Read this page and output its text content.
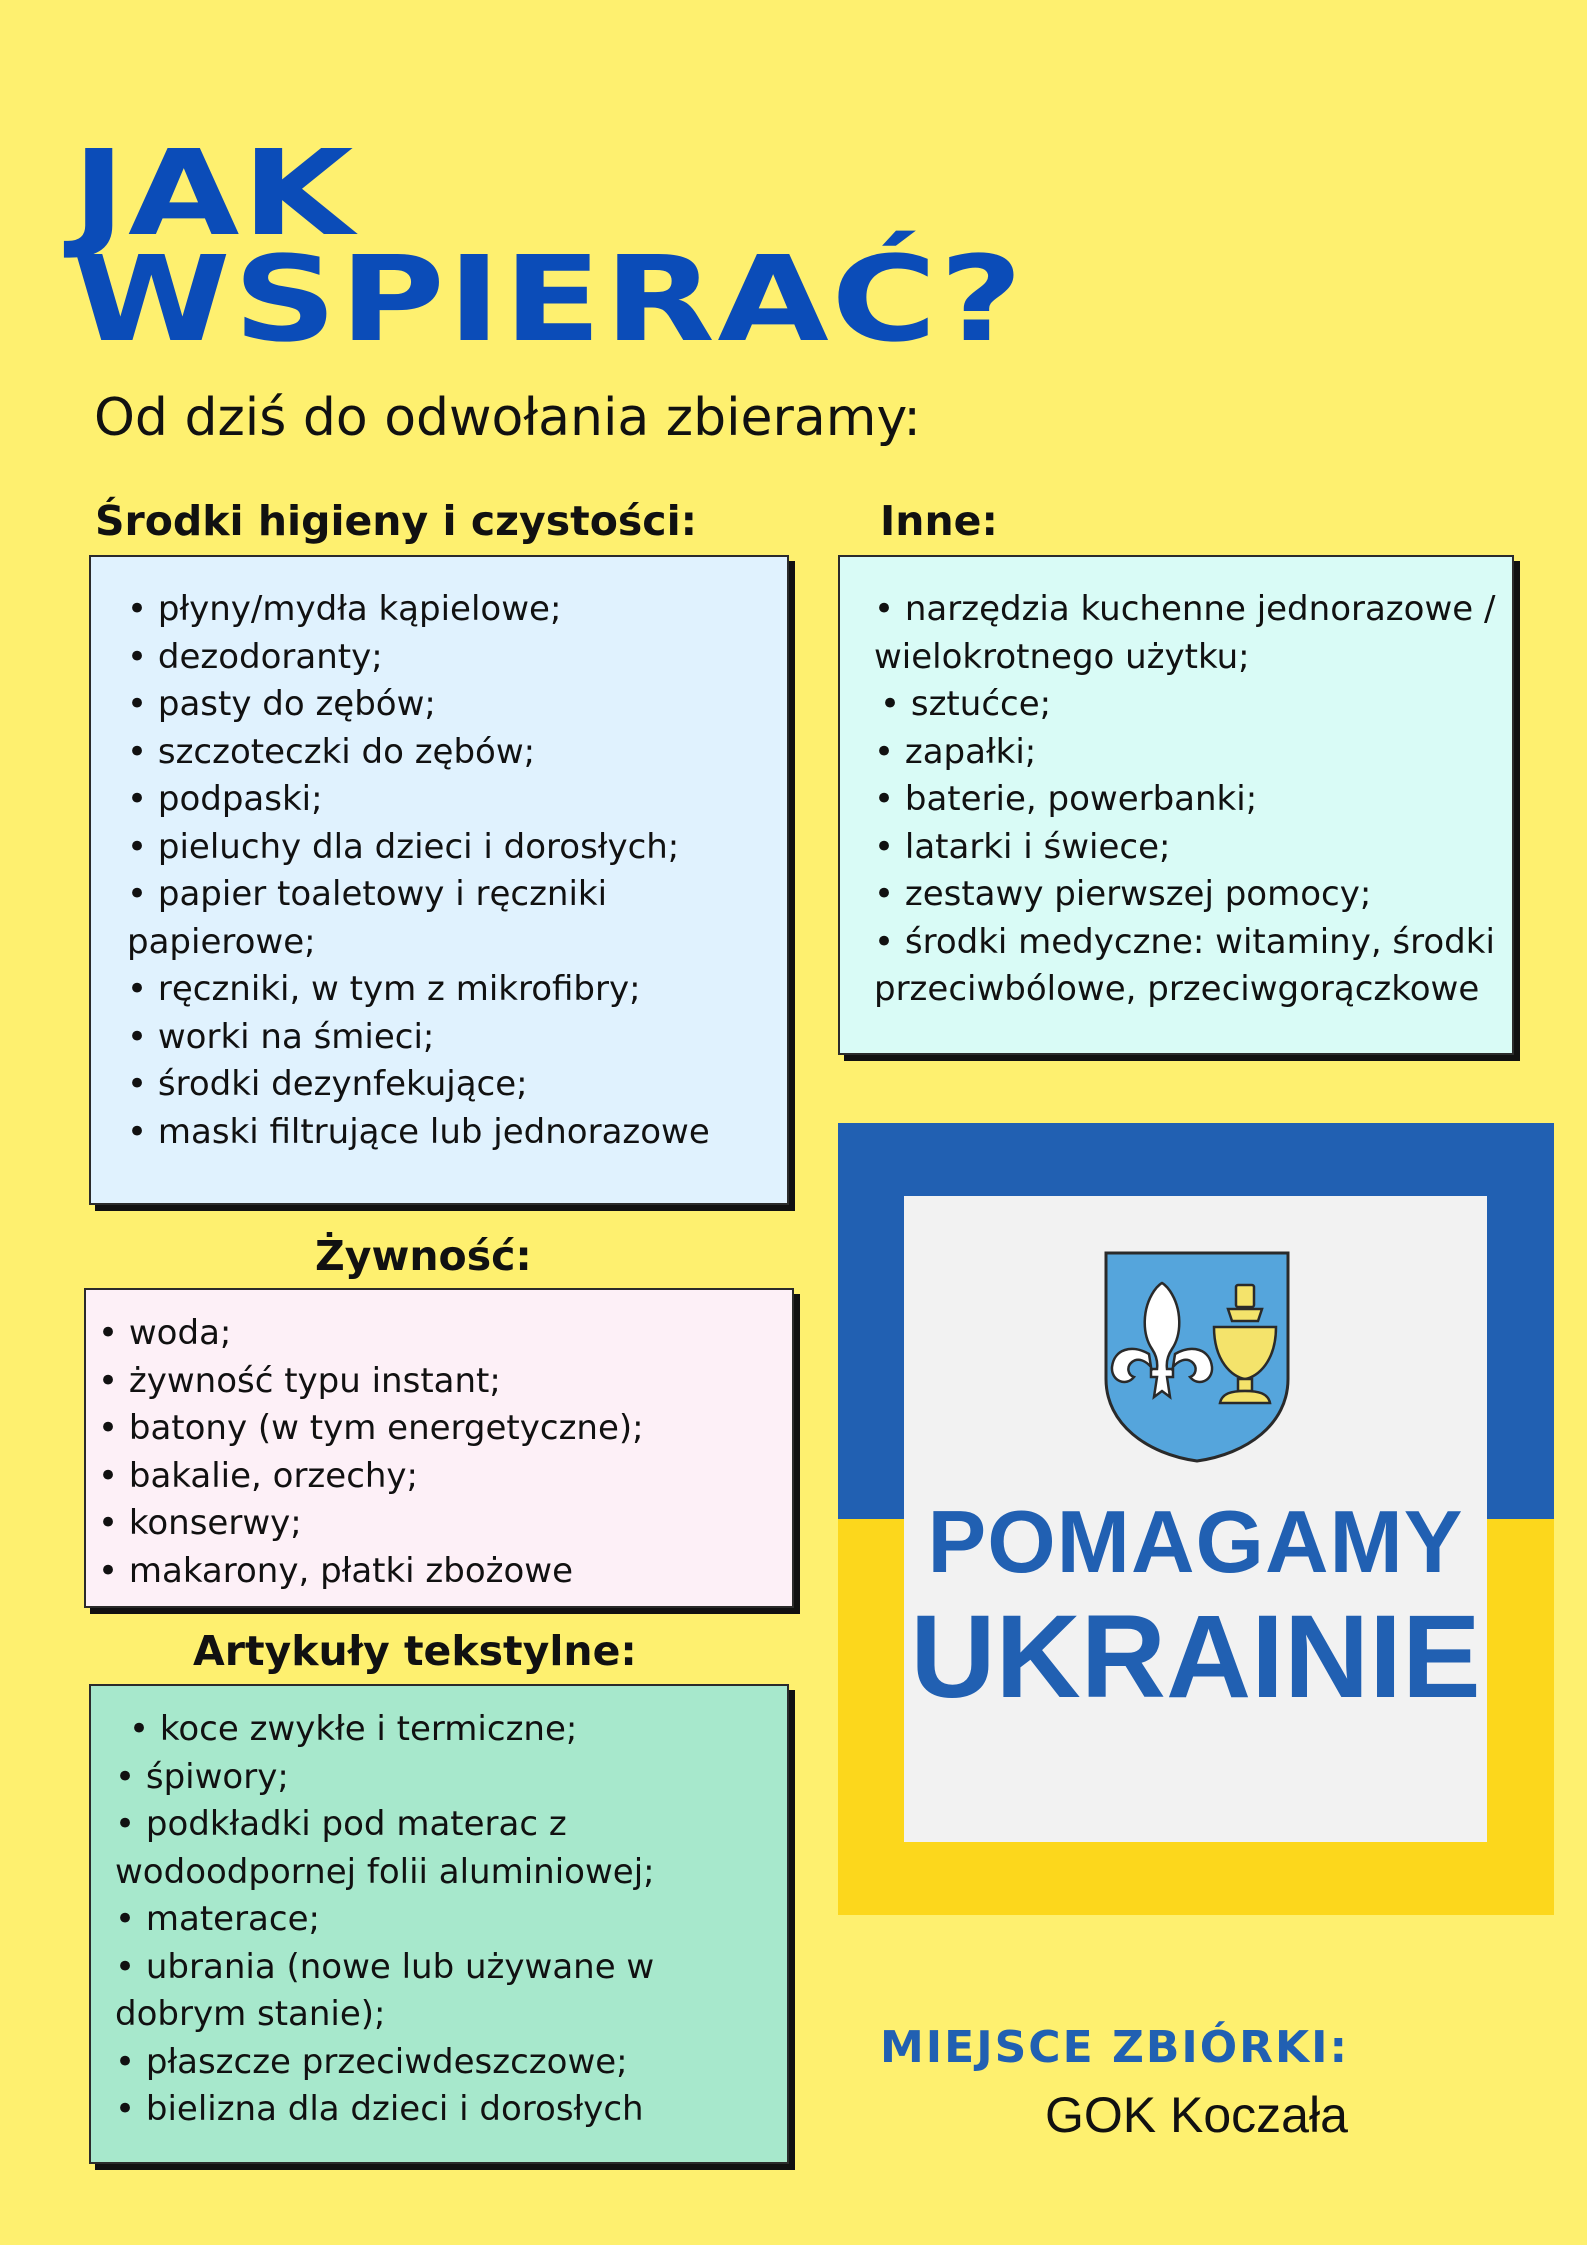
JAK
WSPIERAĆ?
Od dziś do odwołania zbieramy:
Środki higieny i czystości:
• płyny/mydła kąpielowe;
• dezodoranty;
• pasty do zębów;
• szczoteczki do zębów;
• podpaski;
• pieluchy dla dzieci i dorosłych;
• papier toaletowy i ręczniki papierowe;
• ręczniki, w tym z mikrofibry;
• worki na śmieci;
• środki dezynfekujące;
• maski filtrujące lub jednorazowe
Inne:
• narzędzia kuchenne jednorazowe / wielokrotnego użytku;
• sztućce;
• zapałki;
• baterie, powerbanki;
• latarki i świece;
• zestawy pierwszej pomocy;
• środki medyczne: witaminy, środki przeciwbólowe, przeciwgorączkowe
Żywność:
• woda;
• żywność typu instant;
• batony (w tym energetyczne);
• bakalie, orzechy;
• konserwy;
• makarony, płatki zbożowe
Artykuły tekstylne:
• koce zwykłe i termiczne;
• śpiwory;
• podkładki pod materac z wodoodpornej folii aluminiowej;
• materace;
• ubrania (nowe lub używane w dobrym stanie);
• płaszcze przeciwdeszczowe;
• bielizna dla dzieci i dorosłych
POMAGAMY
UKRAINIE
MIEJSCE ZBIÓRKI:
GOK Koczała
